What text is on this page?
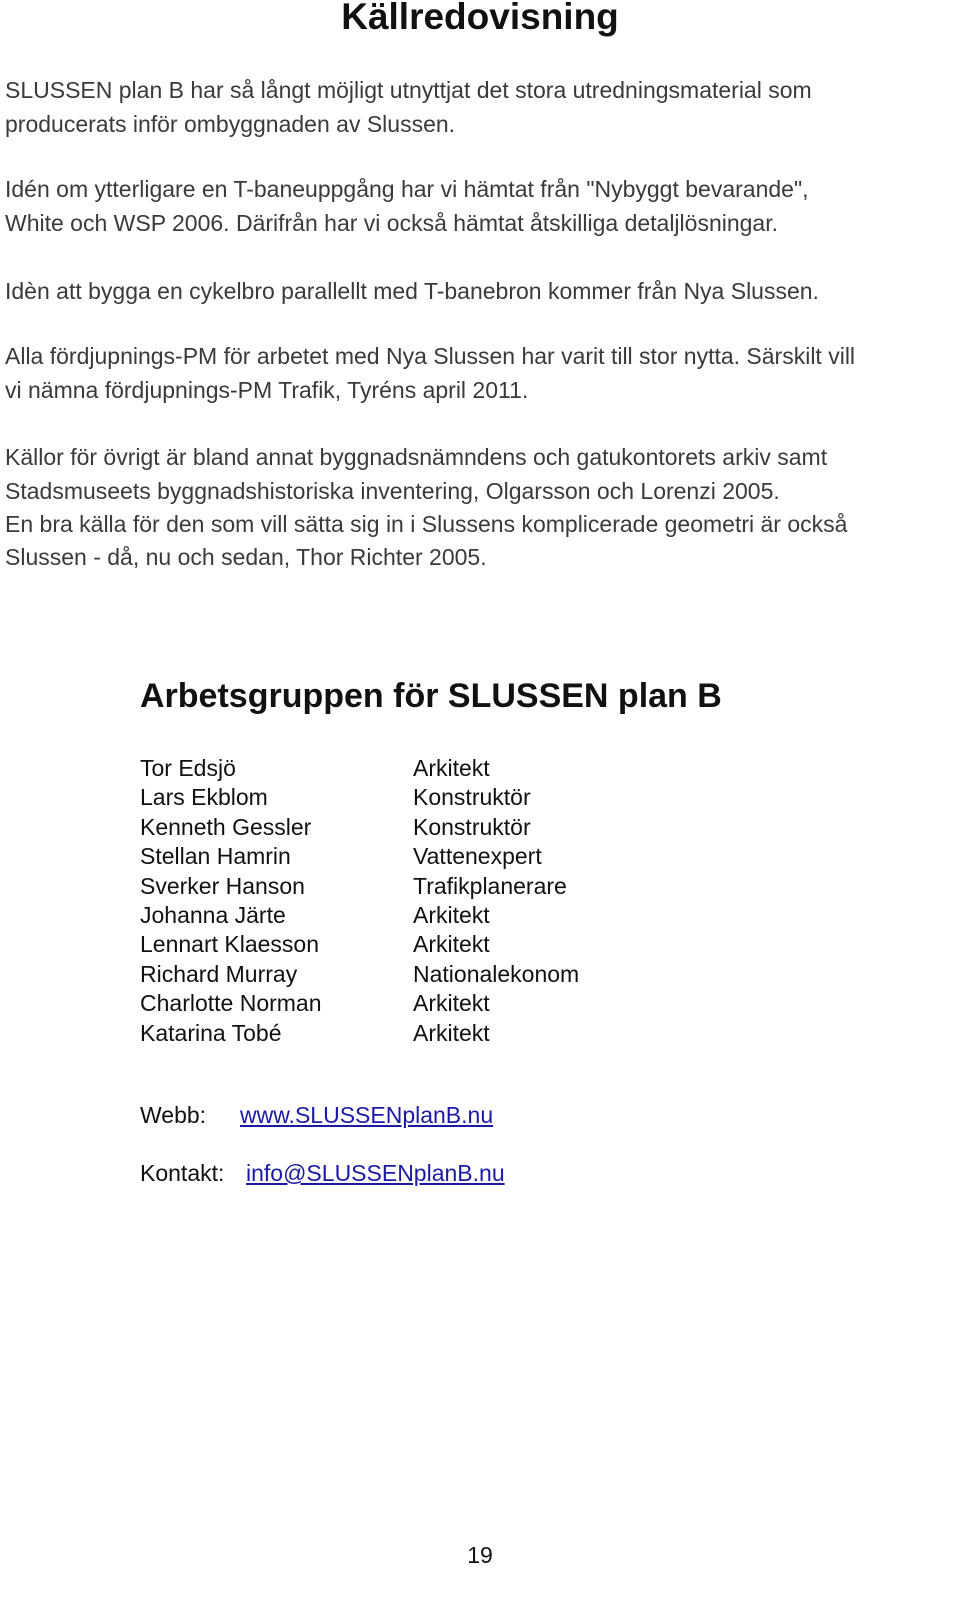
Källredovisning

SLUSSEN plan B har så långt möjligt utnyttjat det stora utredningsmaterial som

producerats inför ombyggnaden av Slussen.

Idén om ytterligare en T-baneuppgång har vi hämtat från "Nybyggt bevarande",

White och WSP 2006. Därifrån har vi också hämtat åtskilliga detaljlösningar.

Idèn att bygga en cykelbro parallellt med T-banebron kommer från Nya Slussen.

Alla fördjupnings-PM för arbetet med Nya Slussen har varit till stor nytta. Särskilt vill

vi nämna fördjupnings-PM Trafik, Tyréns april 2011.

Källor för övrigt är bland annat byggnadsnämndens och gatukontorets arkiv samt

Stadsmuseets byggnadshistoriska inventering, Olgarsson och Lorenzi 2005.

En bra källa för den som vill sätta sig in i Slussens komplicerade geometri är också

Slussen - då, nu och sedan, Thor Richter 2005.

Arbetsgruppen för SLUSSEN plan B
Tor Edsjö	Arkitekt
Lars Ekblom	Konstruktör
Kenneth Gessler	Konstruktör
Stellan Hamrin	Vattenexpert
Sverker Hanson	Trafikplanerare
Johanna Järte	Arkitekt
Lennart Klaesson	Arkitekt
Richard Murray	Nationalekonom
Charlotte Norman	Arkitekt
Katarina Tobé	Arkitekt
Webb: www.SLUSSENplanB.nu
Kontakt: info@SLUSSENplanB.nu
19
